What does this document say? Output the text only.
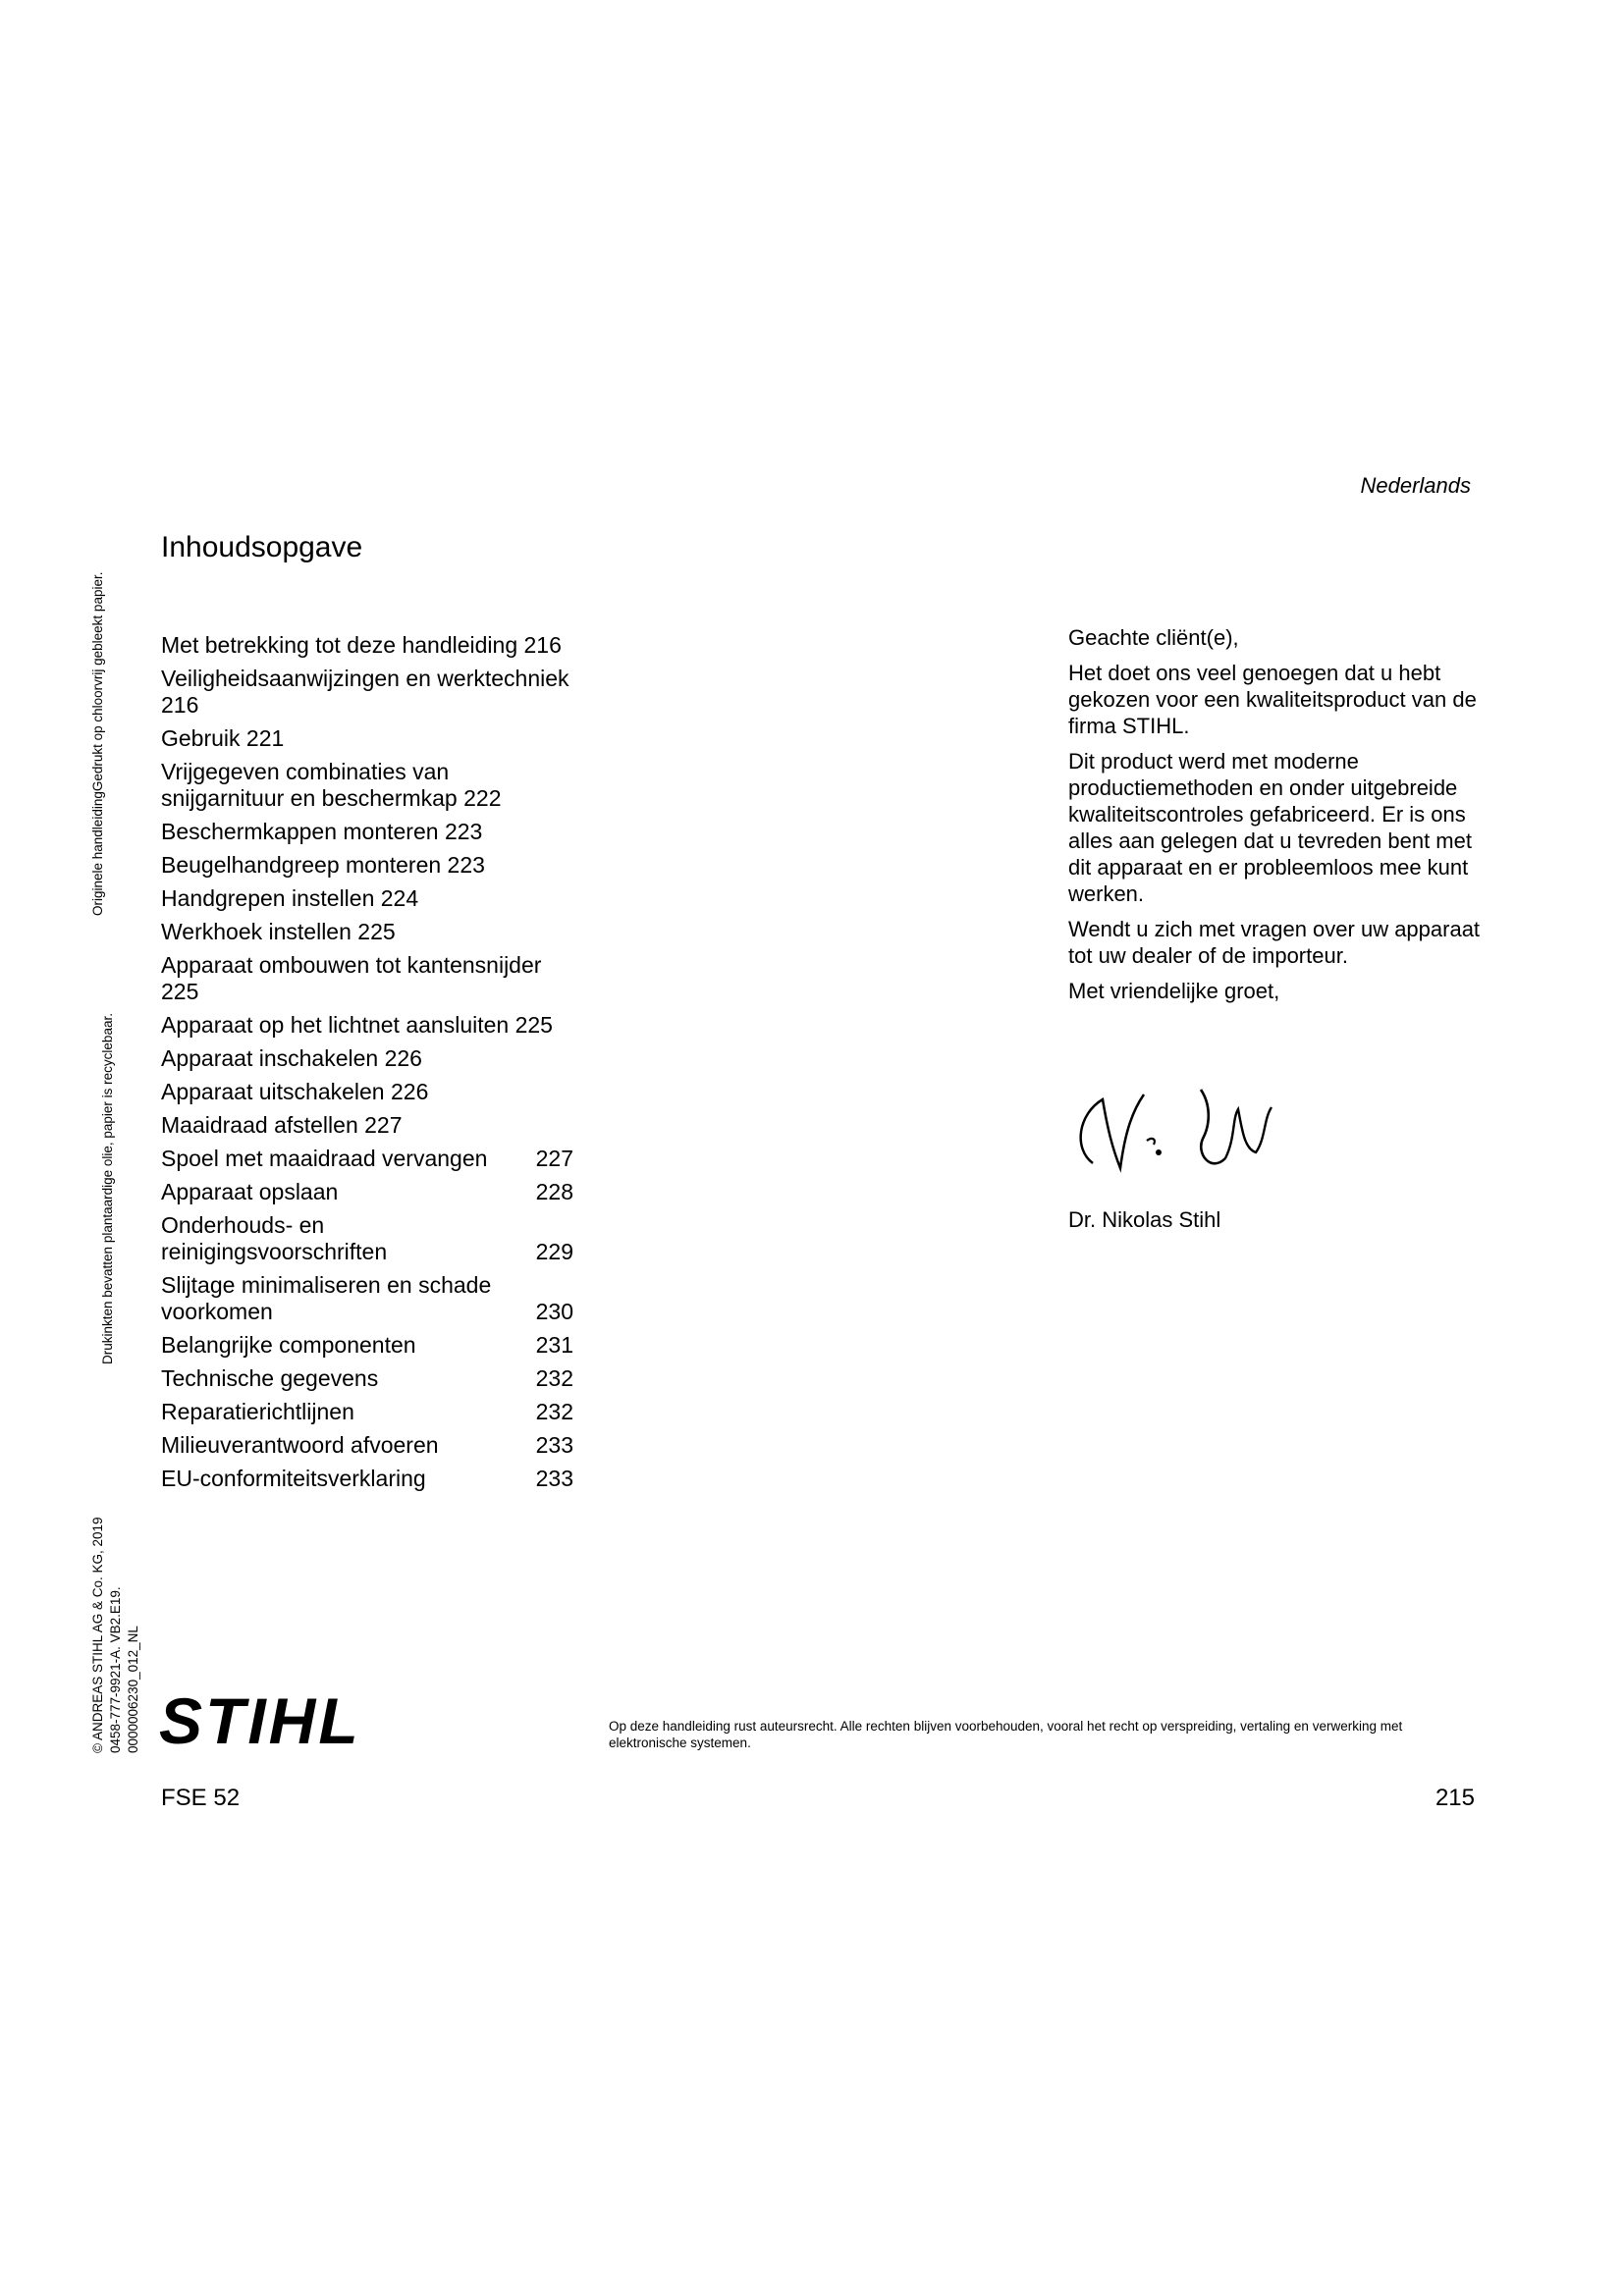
Nederlands
Inhoudsopgave
Originele handleidingGedrukt op chloorvrij gebleekt papier.
Drukinkten bevatten plantaardige olie, papier is recyclebaar.
© ANDREAS STIHL AG & Co. KG, 2019 0458-777-9921-A. VB2.E19. 0000006230_012_NL
Met betrekking tot deze handleiding 216
Veiligheidsaanwijzingen en werktechniek 216
Gebruik 221
Vrijgegeven combinaties van snijgarnituur en beschermkap 222
Beschermkappen monteren 223
Beugelhandgreep monteren 223
Handgrepen instellen 224
Werkhoek instellen 225
Apparaat ombouwen tot kantensnijder 225
Apparaat op het lichtnet aansluiten 225
Apparaat inschakelen 226
Apparaat uitschakelen 226
Maaidraad afstellen 227
Spoel met maaidraad vervangen 227
Apparaat opslaan	228
Onderhouds- en reinigingsvoorschriften	229
Slijtage minimaliseren en schade voorkomen	230
Belangrijke componenten	231
Technische gegevens	232
Reparatierichtlijnen	232
Milieuverantwoord afvoeren	233
EU-conformiteitsverklaring	233

Geachte cliënt(e),

Het doet ons veel genoegen dat u hebt gekozen voor een kwaliteitsproduct van de firma STIHL.

Dit product werd met moderne productiemethoden en onder uitgebreide kwaliteitscontroles gefabriceerd. Er is ons alles aan gelegen dat u tevreden bent met dit apparaat en er probleemloos mee kunt werken.

Wendt u zich met vragen over uw apparaat tot uw dealer of de importeur.

Met vriendelijke groet,

Dr. Nikolas Stihl
STIHL	Op deze handleiding rust auteursrecht. Alle rechten blijven voorbehouden, vooral het recht op verspreiding, vertaling en verwerking met elektronische systemen.
FSE 52	215
